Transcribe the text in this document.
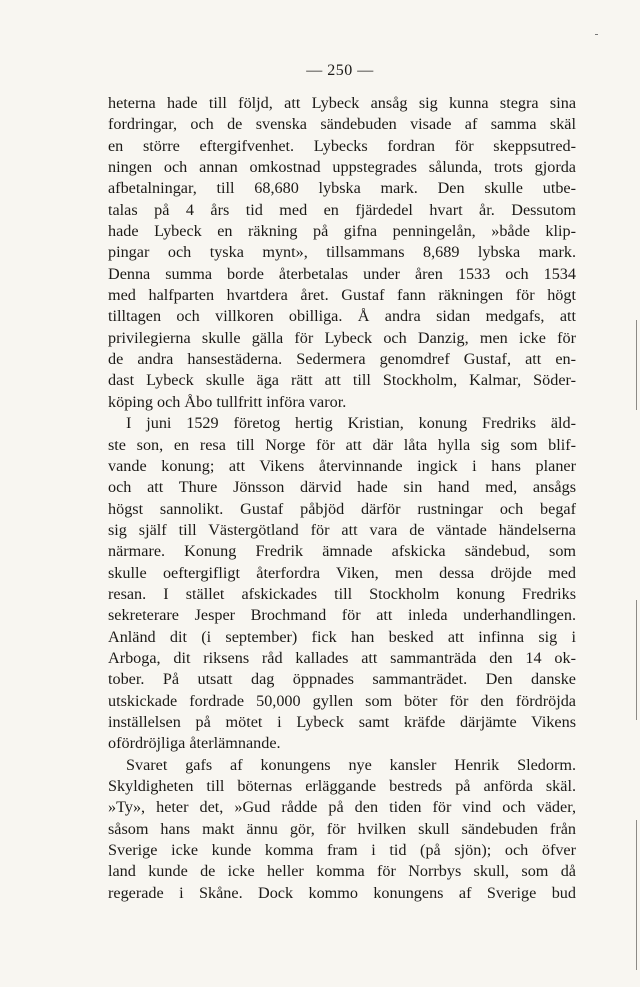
— 250 —
heterna hade till följd, att Lybeck ansåg sig kunna stegra sina
fordringar, och de svenska sändebuden visade af samma skäl
en större eftergifvenhet. Lybecks fordran för skeppsutred-
ningen och annan omkostnad uppstegrades sålunda, trots gjorda
afbetalningar, till 68,680 lybska mark. Den skulle utbe-
talas på 4 års tid med en fjärdedel hvart år. Dessutom
hade Lybeck en räkning på gifna penningelån, »både klip-
pingar och tyska mynt», tillsammans 8,689 lybska mark.
Denna summa borde återbetalas under åren 1533 och 1534
med halfparten hvartdera året. Gustaf fann räkningen för högt
tilltagen och villkoren obilliga. Å andra sidan medgafs, att
privilegierna skulle gälla för Lybeck och Danzig, men icke för
de andra hansestäderna. Sedermera genomdref Gustaf, att en-
dast Lybeck skulle äga rätt att till Stockholm, Kalmar, Söder-
köping och Åbo tullfritt införa varor.
I juni 1529 företog hertig Kristian, konung Fredriks äld-
ste son, en resa till Norge för att där låta hylla sig som blif-
vande konung; att Vikens återvinnande ingick i hans planer
och att Thure Jönsson därvid hade sin hand med, ansågs
högst sannolikt. Gustaf påbjöd därför rustningar och begaf
sig själf till Västergötland för att vara de väntade händelserna
närmare. Konung Fredrik ämnade afskicka sändebud, som
skulle oeftergifligt återfordra Viken, men dessa dröjde med
resan. I stället afskickades till Stockholm konung Fredriks
sekreterare Jesper Brochmand för att inleda underhandlingen.
Anländ dit (i september) fick han besked att infinna sig i
Arboga, dit riksens råd kallades att sammanträda den 14 ok-
tober. På utsatt dag öppnades sammanträdet. Den danske
utskickade fordrade 50,000 gyllen som böter för den fördröjda
inställelsen på mötet i Lybeck samt kräfde därjämte Vikens
ofördröjliga återlämnande.
Svaret gafs af konungens nye kansler Henrik Sledorm.
Skyldigheten till böternas erläggande bestreds på anförda skäl.
»Ty», heter det, »Gud rådde på den tiden för vind och väder,
såsom hans makt ännu gör, för hvilken skull sändebuden från
Sverige icke kunde komma fram i tid (på sjön); och öfver
land kunde de icke heller komma för Norrbys skull, som då
regerade i Skåne. Dock kommo konungens af Sverige bud
